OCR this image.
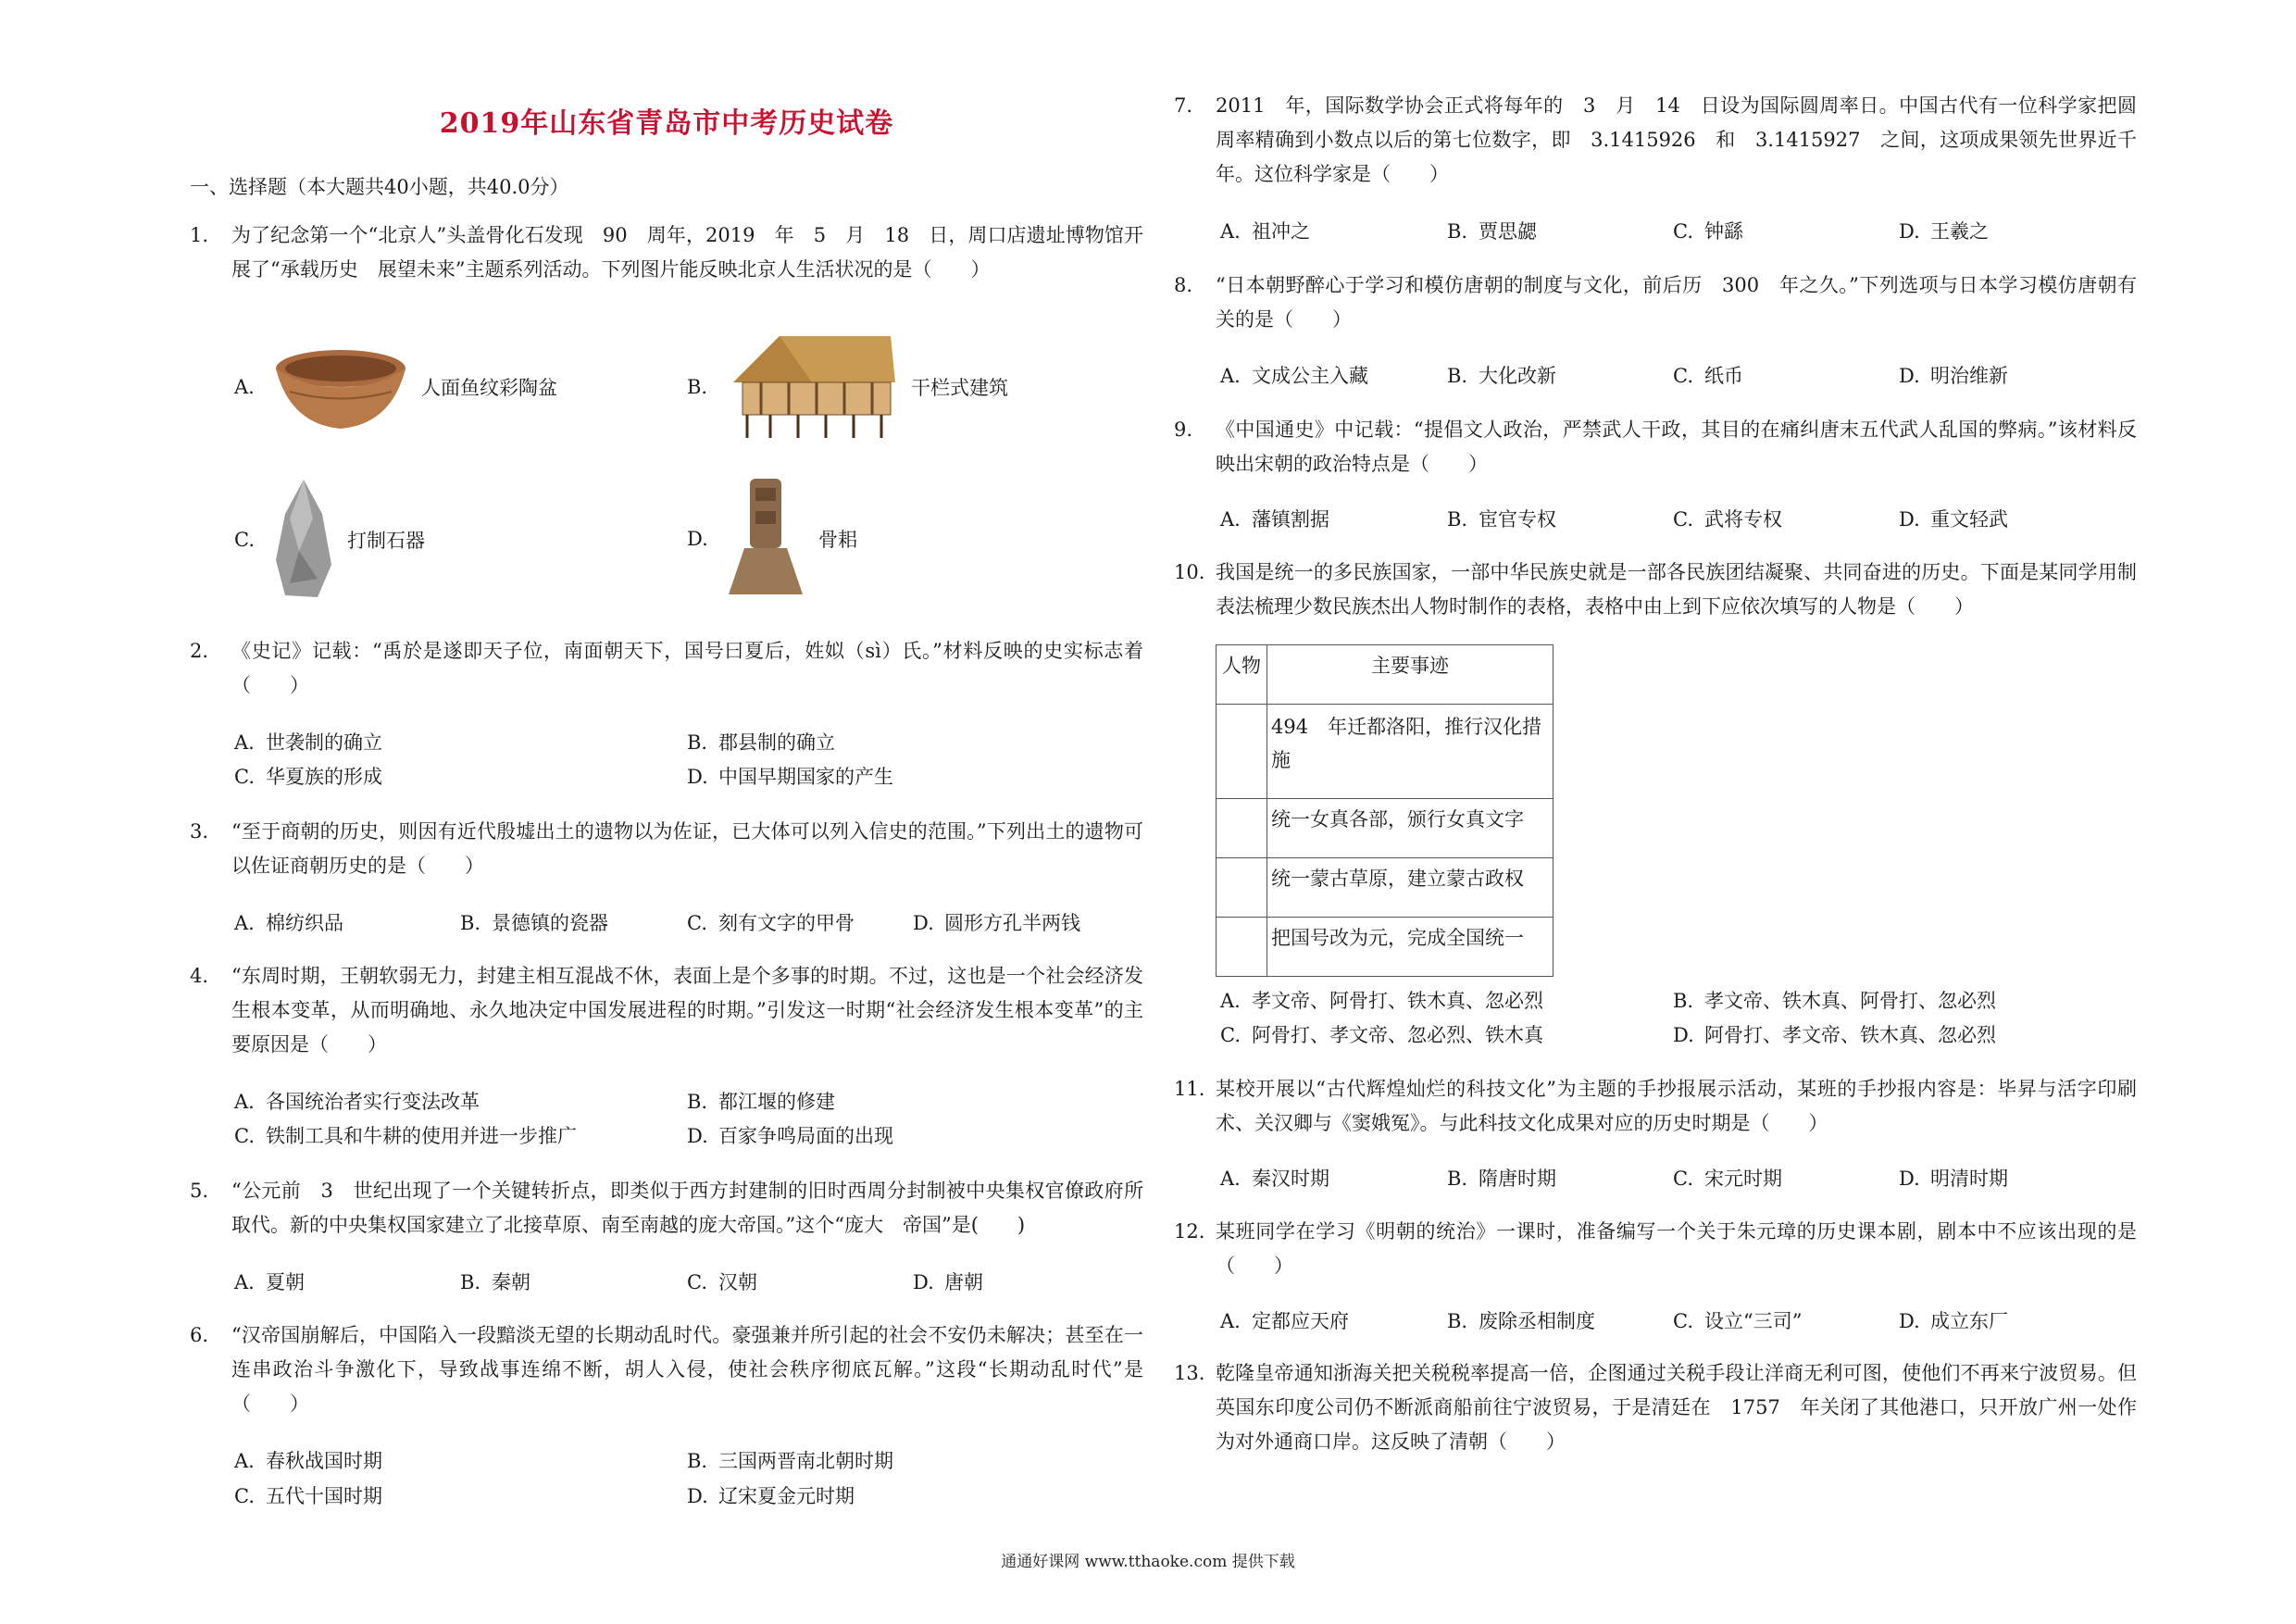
2019年山东省青岛市中考历史试卷
一、选择题（本大题共40小题，共40.0分）
1. 为了纪念第一个“北京人”头盖骨化石发现　90　周年，2019　年　5　月　18　日，周口店遗址博物馆开展了“承载历史　展望未来”主题系列活动。下列图片能反映北京人生活状况的是（　　）
A.	人面鱼纹彩陶盆	B.	干栏式建筑
C.	打制石器	D.	骨耜
2. 《史记》记载：“禹於是遂即天子位，南面朝天下，国号曰夏后，姓姒（sì）氏。”材料反映的史实标志着（　　）
A. 世袭制的确立	B. 郡县制的确立
C. 华夏族的形成	D. 中国早期国家的产生
3. “至于商朝的历史，则因有近代殷墟出土的遗物以为佐证，已大体可以列入信史的范围。”下列出土的遗物可以佐证商朝历史的是（　　）
A. 棉纺织品	B. 景德镇的瓷器	C. 刻有文字的甲骨	D. 圆形方孔半两钱
4. “东周时期，王朝软弱无力，封建主相互混战不休，表面上是个多事的时期。不过，这也是一个社会经济发生根本变革，从而明确地、永久地决定中国发展进程的时期。”引发这一时期“社会经济发生根本变革”的主要原因是（　　）
A. 各国统治者实行变法改革	B. 都江堰的修建
C. 铁制工具和牛耕的使用并进一步推广	D. 百家争鸣局面的出现
5. “公元前　3　世纪出现了一个关键转折点，即类似于西方封建制的旧时西周分封制被中央集权官僚政府所取代。新的中央集权国家建立了北接草原、南至南越的庞大帝国。”这个“庞大　帝国”是(　　)
A. 夏朝	B. 秦朝	C. 汉朝	D. 唐朝
6. “汉帝国崩解后，中国陷入一段黯淡无望的长期动乱时代。豪强兼并所引起的社会不安仍未解决；甚至在一连串政治斗争激化下，导致战事连绵不断，胡人入侵，使社会秩序彻底瓦解。”这段“长期动乱时代”是（　　）
A. 春秋战国时期	B. 三国两晋南北朝时期
C. 五代十国时期	D. 辽宋夏金元时期
7. 2011　年，国际数学协会正式将每年的　3　月　14　日设为国际圆周率日。中国古代有一位科学家把圆周率精确到小数点以后的第七位数字，即　3.1415926　和　3.1415927　之间，这项成果领先世界近千年。这位科学家是（　　）
A. 祖冲之	B. 贾思勰	C. 钟繇	D. 王羲之
8. “日本朝野醉心于学习和模仿唐朝的制度与文化，前后历　300　年之久。”下列选项与日本学习模仿唐朝有关的是（　　）
A. 文成公主入藏	B. 大化改新	C. 纸币	D. 明治维新
9. 《中国通史》中记载：“提倡文人政治，严禁武人干政，其目的在痛纠唐末五代武人乱国的弊病。”该材料反映出宋朝的政治特点是（　　）
A. 藩镇割据	B. 宦官专权	C. 武将专权	D. 重文轻武
10. 我国是统一的多民族国家，一部中华民族史就是一部各民族团结凝聚、共同奋进的历史。下面是某同学用制表法梳理少数民族杰出人物时制作的表格，表格中由上到下应依次填写的人物是（　　）
人物	主要事迹
	494　年迁都洛阳，推行汉化措施
	统一女真各部，颁行女真文字
	统一蒙古草原，建立蒙古政权
	把国号改为元，完成全国统一
A. 孝文帝、阿骨打、铁木真、忽必烈	B. 孝文帝、铁木真、阿骨打、忽必烈
C. 阿骨打、孝文帝、忽必烈、铁木真	D. 阿骨打、孝文帝、铁木真、忽必烈
11. 某校开展以“古代辉煌灿烂的科技文化”为主题的手抄报展示活动，某班的手抄报内容是：毕昇与活字印刷术、关汉卿与《窦娥冤》。与此科技文化成果对应的历史时期是（　　）
A. 秦汉时期	B. 隋唐时期	C. 宋元时期	D. 明清时期
12. 某班同学在学习《明朝的统治》一课时，准备编写一个关于朱元璋的历史课本剧，剧本中不应该出现的是（　　）
A. 定都应天府	B. 废除丞相制度	C. 设立“三司”	D. 成立东厂
13. 乾隆皇帝通知浙海关把关税税率提高一倍，企图通过关税手段让洋商无利可图，使他们不再来宁波贸易。但英国东印度公司仍不断派商船前往宁波贸易，于是清廷在　1757　年关闭了其他港口，只开放广州一处作为对外通商口岸。这反映了清朝（　　）
通通好课网 www.tthaoke.com 提供下载
